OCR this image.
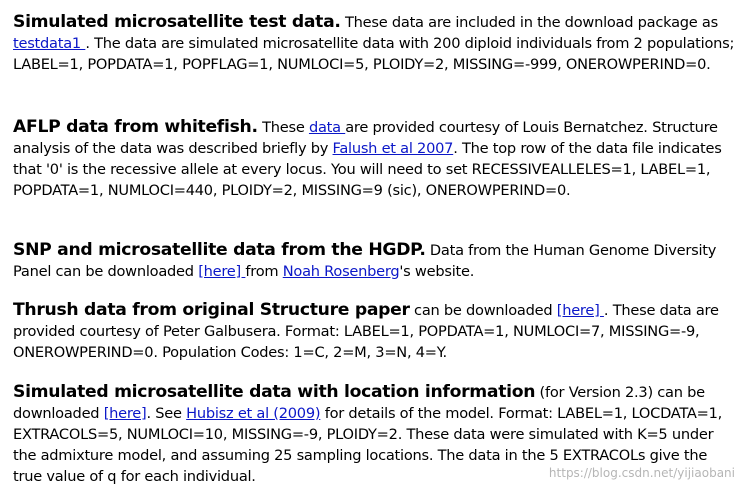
Simulated microsatellite test data. These data are included in the download package as testdata1 . The data are simulated microsatellite data with 200 diploid individuals from 2 populations; LABEL=1, POPDATA=1, POPFLAG=1, NUMLOCI=5, PLOIDY=2, MISSING=-999, ONEROWPERIND=0.

AFLP data from whitefish. These data are provided courtesy of Louis Bernatchez. Structure analysis of the data was described briefly by Falush et al 2007. The top row of the data file indicates that '0' is the recessive allele at every locus. You will need to set RECESSIVEALLELES=1, LABEL=1, POPDATA=1, NUMLOCI=440, PLOIDY=2, MISSING=9 (sic), ONEROWPERIND=0.

SNP and microsatellite data from the HGDP. Data from the Human Genome Diversity Panel can be downloaded [here] from Noah Rosenberg's website.

Thrush data from original Structure paper can be downloaded [here] . These data are provided courtesy of Peter Galbusera. Format: LABEL=1, POPDATA=1, NUMLOCI=7, MISSING=-9, ONEROWPERIND=0. Population Codes: 1=C, 2=M, 3=N, 4=Y.

Simulated microsatellite data with location information (for Version 2.3) can be downloaded [here]. See Hubisz et al (2009) for details of the model. Format: LABEL=1, LOCDATA=1, EXTRACOLS=5, NUMLOCI=10, MISSING=-9, PLOIDY=2. These data were simulated with K=5 under the admixture model, and assuming 25 sampling locations. The data in the 5 EXTRACOLs give the true value of q for each individual.	https://blog.csdn.net/yijiaobani
